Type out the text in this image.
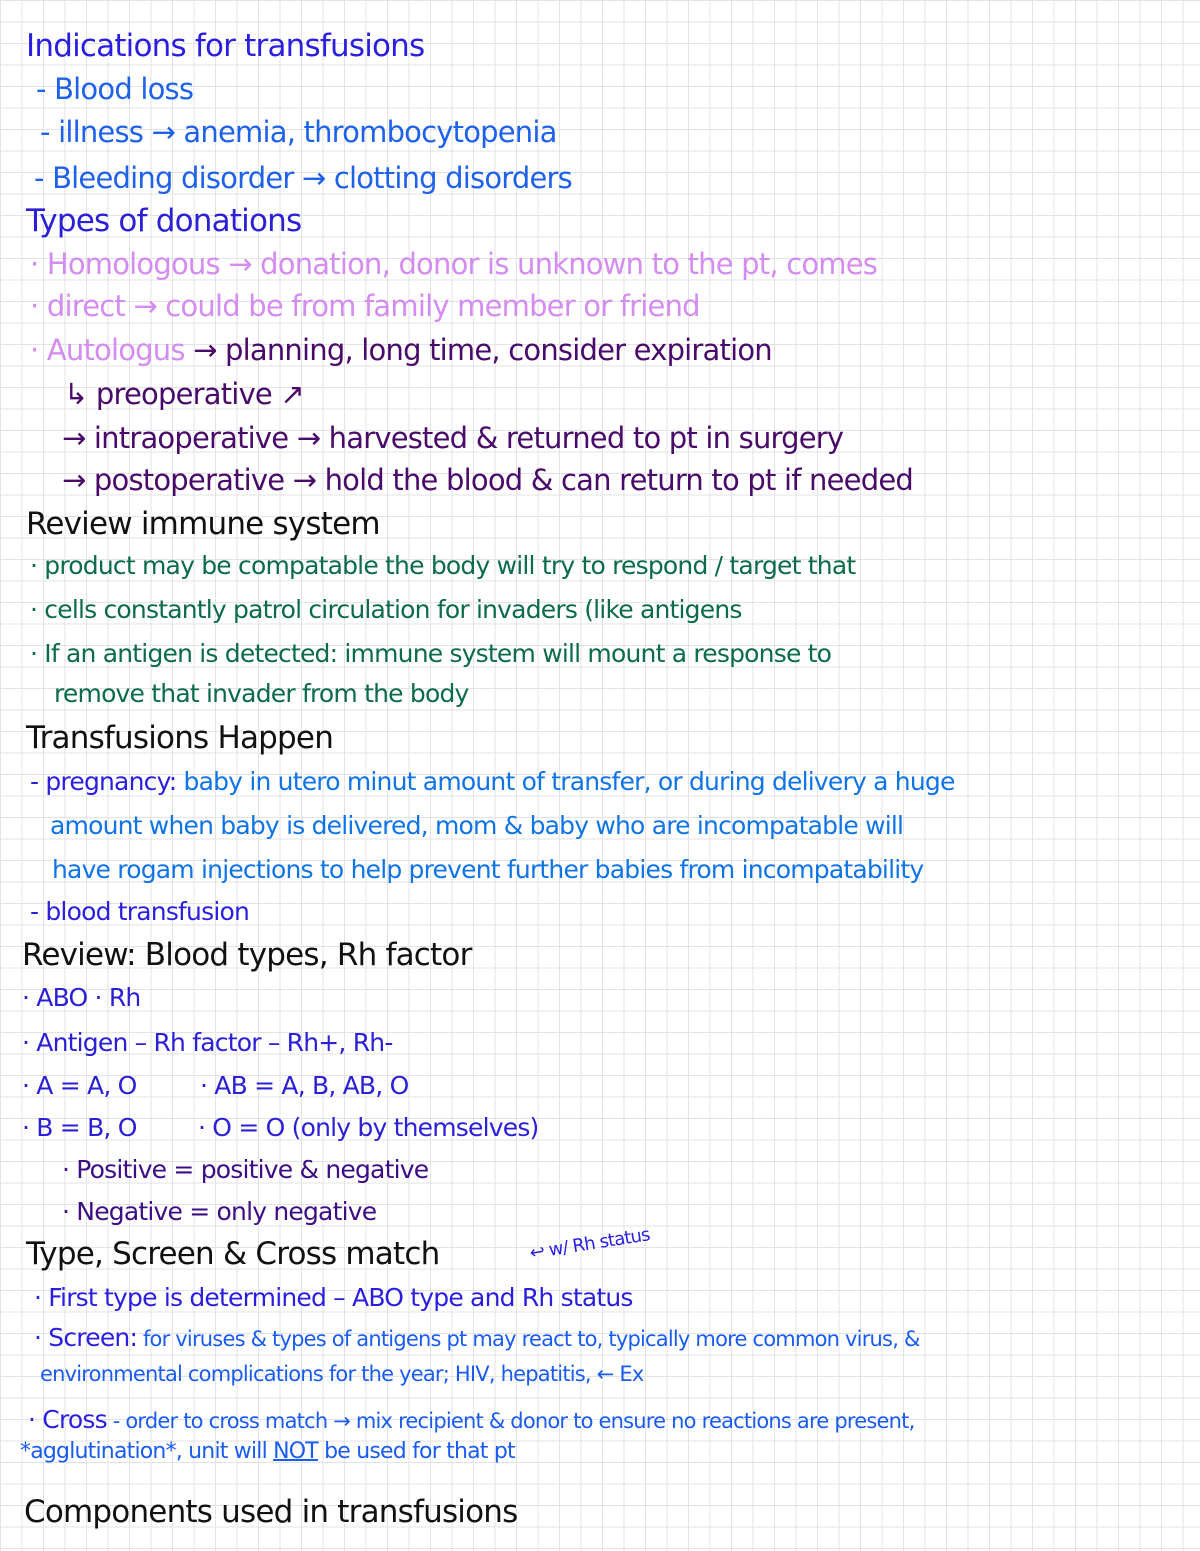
Indications for transfusions
- Blood loss
- illness → anemia, thrombocytopenia
- Bleeding disorder → clotting disorders
Types of donations
· Homologous → donation, donor is unknown to the pt, comes
· direct → could be from family member or friend
· Autologus → planning, long time, consider expiration
↳ preoperative ↗
→ intraoperative → harvested & returned to pt in surgery
→ postoperative → hold the blood & can return to pt if needed
Review immune system
· product may be compatable the body will try to respond / target that
· cells constantly patrol circulation for invaders (like antigens
· If an antigen is detected: immune system will mount a response to
remove that invader from the body
Transfusions Happen
- pregnancy: baby in utero minut amount of transfer, or during delivery a huge
amount when baby is delivered, mom & baby who are incompatable will
have rogam injections to help prevent further babies from incompatability
- blood transfusion
Review: Blood types, Rh factor
· ABO · Rh
· Antigen – Rh factor – Rh+, Rh-
· A = A, O	· AB = A, B, AB, O
· B = B, O · O = O (only by themselves)
· Positive = positive & negative
· Negative = only negative
Type, Screen & Cross match	↩ w/ Rh status
· First type is determined – ABO type and Rh status
· Screen: for viruses & types of antigens pt may react to, typically more common virus, &
environmental complications for the year; HIV, hepatitis, ← Ex
· Cross - order to cross match → mix recipient & donor to ensure no reactions are present,
*agglutination*, unit will NOT be used for that pt
Components used in transfusions
